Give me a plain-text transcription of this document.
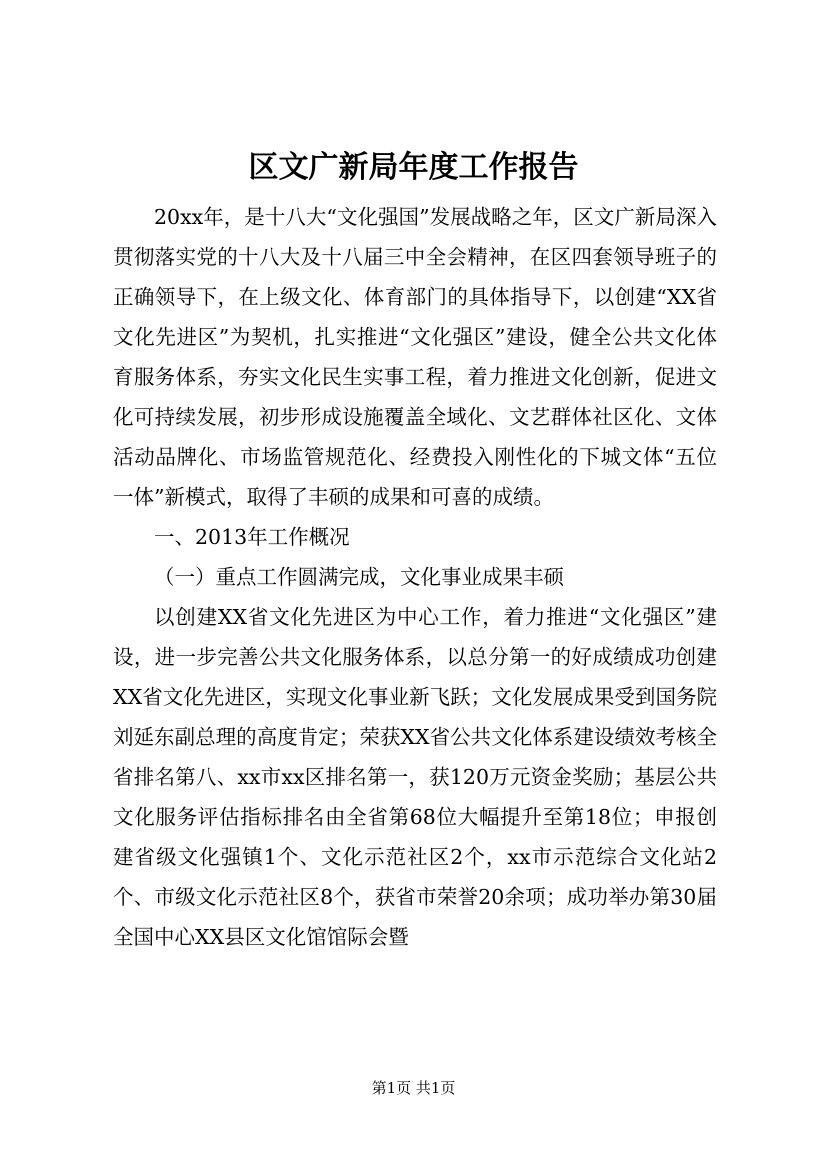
区文广新局年度工作报告

20xx年，是十八大“文化强国”发展战略之年，区文广新局深入贯彻落实党的十八大及十八届三中全会精神，在区四套领导班子的正确领导下，在上级文化、体育部门的具体指导下，以创建“XX省文化先进区”为契机，扎实推进“文化强区”建设，健全公共文化体育服务体系，夯实文化民生实事工程，着力推进文化创新，促进文化可持续发展，初步形成设施覆盖全域化、文艺群体社区化、文体活动品牌化、市场监管规范化、经费投入刚性化的下城文体“五位一体”新模式，取得了丰硕的成果和可喜的成绩。

一、2013年工作概况

（一）重点工作圆满完成，文化事业成果丰硕

以创建XX省文化先进区为中心工作，着力推进“文化强区”建设，进一步完善公共文化服务体系，以总分第一的好成绩成功创建XX省文化先进区，实现文化事业新飞跃；文化发展成果受到国务院刘延东副总理的高度肯定；荣获XX省公共文化体系建设绩效考核全省排名第八、xx市xx区排名第一，获120万元资金奖励；基层公共文化服务评估指标排名由全省第68位大幅提升至第18位；申报创建省级文化强镇1个、文化示范社区2个，xx市示范综合文化站2个、市级文化示范社区8个，获省市荣誉20余项；成功举办第30届全国中心XX县区文化馆馆际会暨

第1页 共1页
